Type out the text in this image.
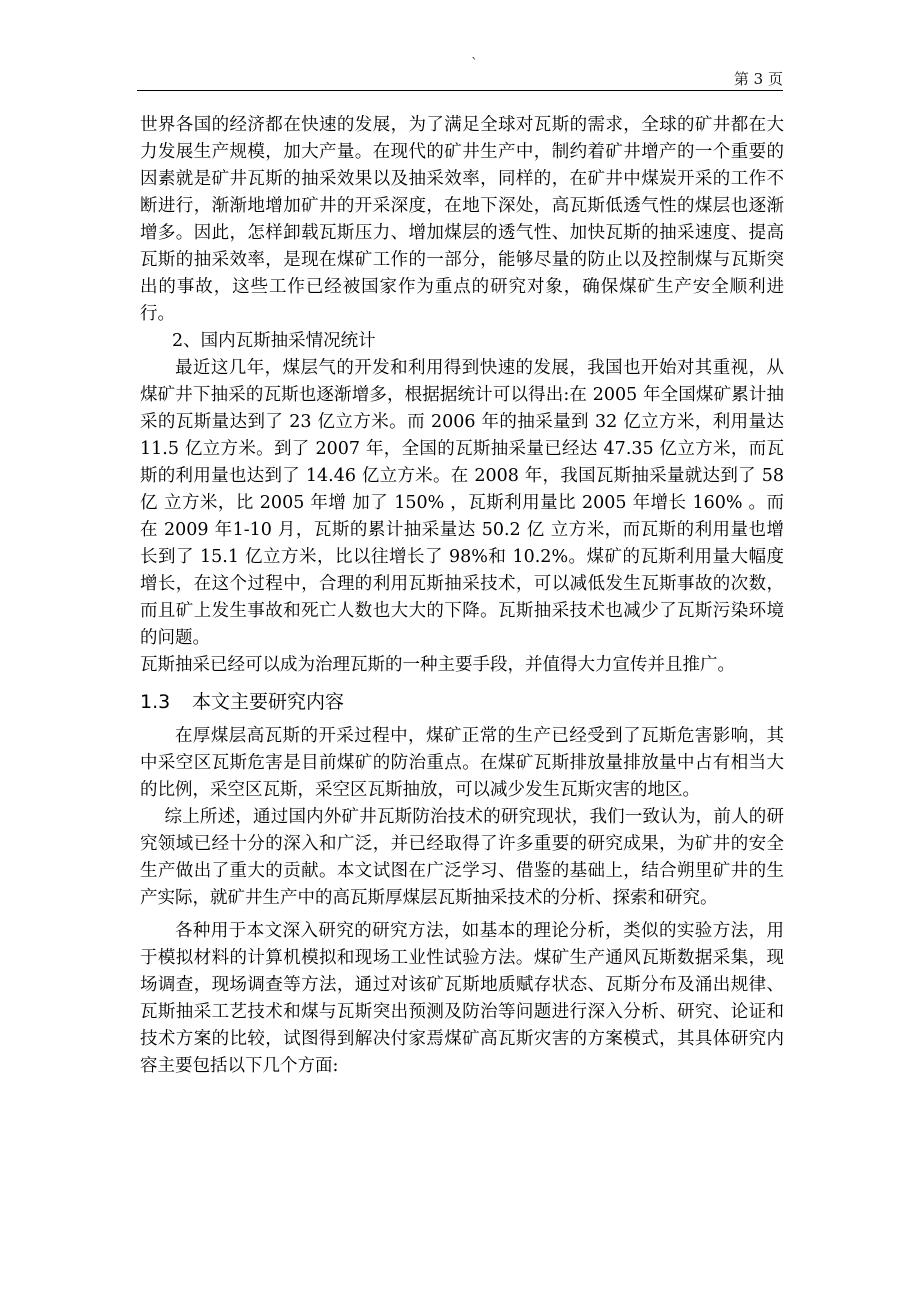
`
第 3 页

世界各国的经济都在快速的发展，为了满足全球对瓦斯的需求，全球的矿井都在大力发展生产规模，加大产量。在现代的矿井生产中，制约着矿井增产的一个重要的因素就是矿井瓦斯的抽采效果以及抽采效率，同样的，在矿井中煤炭开采的工作不断进行，渐渐地增加矿井的开采深度，在地下深处，高瓦斯低透气性的煤层也逐渐增多。因此，怎样卸载瓦斯压力、增加煤层的透气性、加快瓦斯的抽采速度、提高瓦斯的抽采效率，是现在煤矿工作的一部分，能够尽量的防止以及控制煤与瓦斯突出的事故，这些工作已经被国家作为重点的研究对象，确保煤矿生产安全顺利进行。

2、国内瓦斯抽采情况统计

最近这几年，煤层气的开发和利用得到快速的发展，我国也开始对其重视，从煤矿井下抽采的瓦斯也逐渐增多，根据据统计可以得出:在 2005 年全国煤矿累计抽采的瓦斯量达到了 23 亿立方米。而 2006 年的抽采量到 32 亿立方米，利用量达 11.5 亿立方米。到了 2007 年，全国的瓦斯抽采量已经达 47.35 亿立方米，而瓦斯的利用量也达到了 14.46 亿立方米。在 2008 年，我国瓦斯抽采量就达到了 58 亿 立方米，比 2005 年增 加了 150% ，瓦斯利用量比 2005 年增长 160% 。而在 2009 年1-10 月，瓦斯的累计抽采量达 50.2 亿 立方米，而瓦斯的利用量也增长到了 15.1 亿立方米，比以往增长了 98%和 10.2%。煤矿的瓦斯利用量大幅度增长，在这个过程中，合理的利用瓦斯抽采技术，可以减低发生瓦斯事故的次数，而且矿上发生事故和死亡人数也大大的下降。瓦斯抽采技术也减少了瓦斯污染环境的问题。

瓦斯抽采已经可以成为治理瓦斯的一种主要手段，并值得大力宣传并且推广。

1.3 本文主要研究内容

在厚煤层高瓦斯的开采过程中，煤矿正常的生产已经受到了瓦斯危害影响，其中采空区瓦斯危害是目前煤矿的防治重点。在煤矿瓦斯排放量排放量中占有相当大的比例，采空区瓦斯，采空区瓦斯抽放，可以减少发生瓦斯灾害的地区。

综上所述，通过国内外矿井瓦斯防治技术的研究现状，我们一致认为，前人的研究领域已经十分的深入和广泛，并已经取得了许多重要的研究成果，为矿井的安全生产做出了重大的贡献。本文试图在广泛学习、借鉴的基础上，结合朔里矿井的生产实际，就矿井生产中的高瓦斯厚煤层瓦斯抽采技术的分析、探索和研究。

各种用于本文深入研究的研究方法，如基本的理论分析，类似的实验方法，用于模拟材料的计算机模拟和现场工业性试验方法。煤矿生产通风瓦斯数据采集，现场调查，现场调查等方法，通过对该矿瓦斯地质赋存状态、瓦斯分布及涌出规律、瓦斯抽采工艺技术和煤与瓦斯突出预测及防治等问题进行深入分析、研究、论证和技术方案的比较，试图得到解决付家焉煤矿高瓦斯灾害的方案模式，其具体研究内容主要包括以下几个方面:
